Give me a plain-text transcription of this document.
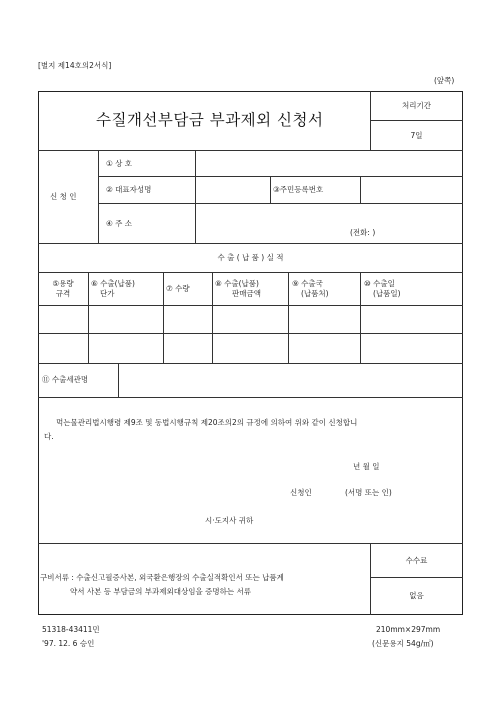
[별지 제14호의2서식]
(앞쪽)
수질개선부담금 부과제외 신청서
처리기간
7일
신 청 인
① 상 호
② 대표자성명	③주민등록번호
④ 주 소
(전화: )
수 출 ( 납 품 ) 실 적
⑤용량
규격
⑥ 수출(납품)
단가
⑦ 수량
⑧ 수출(납품)
판매금액
⑨ 수출국
(납품처)
⑩ 수출일
(납품일)
⑪ 수출세관명
먹는물관리법시행령 제9조 및 동법시행규칙 제20조의2의 규정에 의하여 위와 같이 신청합니
다.
년 월 일
신청인	(서명 또는 인)
시·도지사 귀하
구비서류 : 수출신고필증사본, 외국환은행장의 수출실적확인서 또는 납품계
약서 사본 등 부담금의 부과제외대상임을 증명하는 서류
수수료
없음
51318-43411민
'97. 12. 6 승인
210mm×297mm
(신문용지 54g/㎡)
